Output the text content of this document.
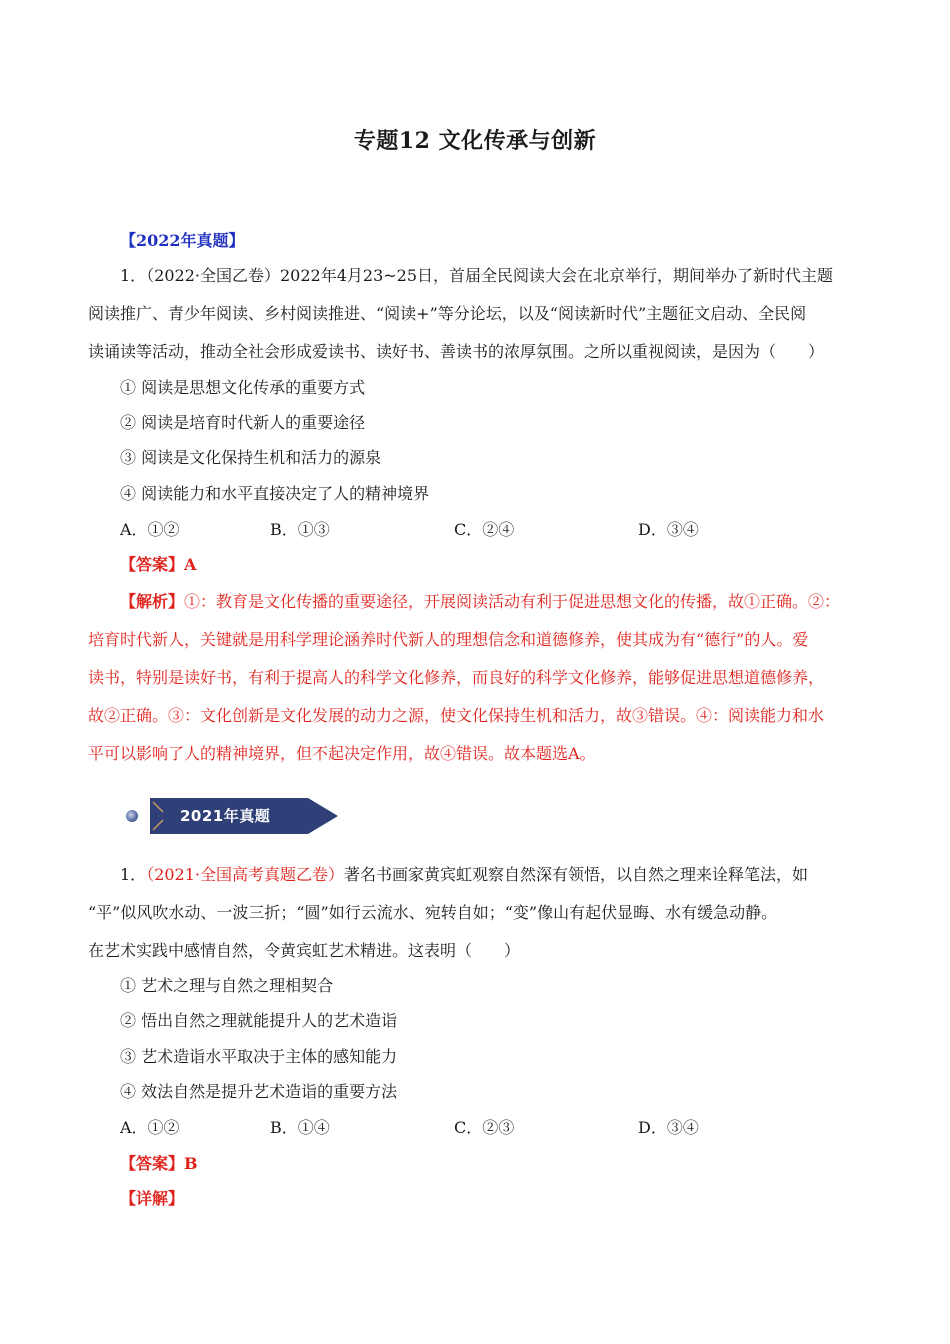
专题12 文化传承与创新
【2022年真题】
1．（2022·全国乙卷）2022年4月23~25日，首届全民阅读大会在北京举行，期间举办了新时代主题
阅读推广、青少年阅读、乡村阅读推进、“阅读+”等分论坛，以及“阅读新时代”主题征文启动、全民阅
读诵读等活动，推动全社会形成爱读书、读好书、善读书的浓厚氛围。之所以重视阅读，是因为（　　）
① 阅读是思想文化传承的重要方式
② 阅读是培育时代新人的重要途径
③ 阅读是文化保持生机和活力的源泉
④ 阅读能力和水平直接决定了人的精神境界
A．①②	B．①③	C．②④	D．③④
【答案】A
【解析】①：教育是文化传播的重要途径，开展阅读活动有利于促进思想文化的传播，故①正确。②：
培育时代新人，关键就是用科学理论涵养时代新人的理想信念和道德修养，使其成为有“德行”的人。爱
读书，特别是读好书，有利于提高人的科学文化修养，而良好的科学文化修养，能够促进思想道德修养，
故②正确。③：文化创新是文化发展的动力之源，使文化保持生机和活力，故③错误。④：阅读能力和水
平可以影响了人的精神境界，但不起决定作用，故④错误。故本题选A。
2021年真题
1．（2021·全国高考真题乙卷）著名书画家黄宾虹观察自然深有领悟，以自然之理来诠释笔法，如
“平”似风吹水动、一波三折；“圆”如行云流水、宛转自如；“变”像山有起伏显晦、水有缓急动静。
在艺术实践中感情自然，令黄宾虹艺术精进。这表明（　　）
① 艺术之理与自然之理相契合
② 悟出自然之理就能提升人的艺术造诣
③ 艺术造诣水平取决于主体的感知能力
④ 效法自然是提升艺术造诣的重要方法
A．①②	B．①④	C．②③	D．③④
【答案】B
【详解】
